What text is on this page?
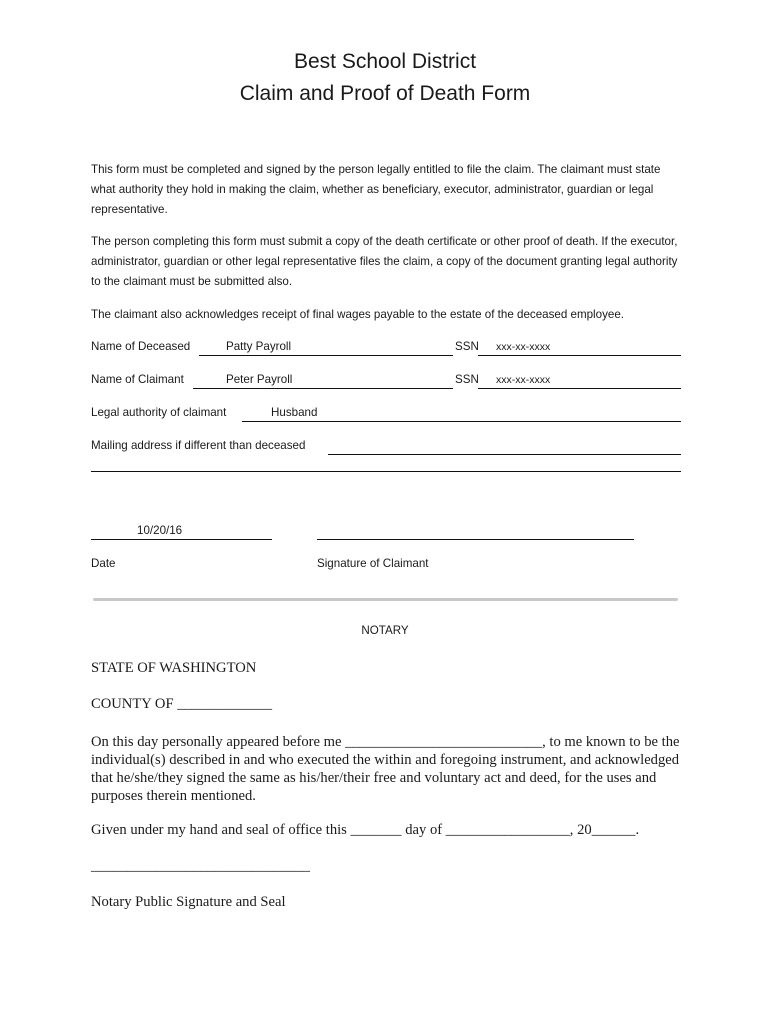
Best School District
Claim and Proof of Death Form

This form must be completed and signed by the person legally entitled to file the claim. The claimant must state what authority they hold in making the claim, whether as beneficiary, executor, administrator, guardian or legal representative.

The person completing this form must submit a copy of the death certificate or other proof of death. If the executor, administrator, guardian or other legal representative files the claim, a copy of the document granting legal authority to the claimant must be submitted also.

The claimant also acknowledges receipt of final wages payable to the estate of the deceased employee.

Name of Deceased	Patty Payroll	SSN xxx-xx-xxxx
Name of Claimant	Peter Payroll	SSN xxx-xx-xxxx
Legal authority of claimant	Husband
Mailing address if different than deceased
10/20/16
Date	Signature of Claimant
NOTARY
STATE OF WASHINGTON
COUNTY OF _____________

On this day personally appeared before me ___________________________, to me known to be the individual(s) described in and who executed the within and foregoing instrument, and acknowledged that he/she/they signed the same as his/her/their free and voluntary act and deed, for the uses and purposes therein mentioned.

Given under my hand and seal of office this _______ day of _________________, 20______.
______________________________
Notary Public Signature and Seal
